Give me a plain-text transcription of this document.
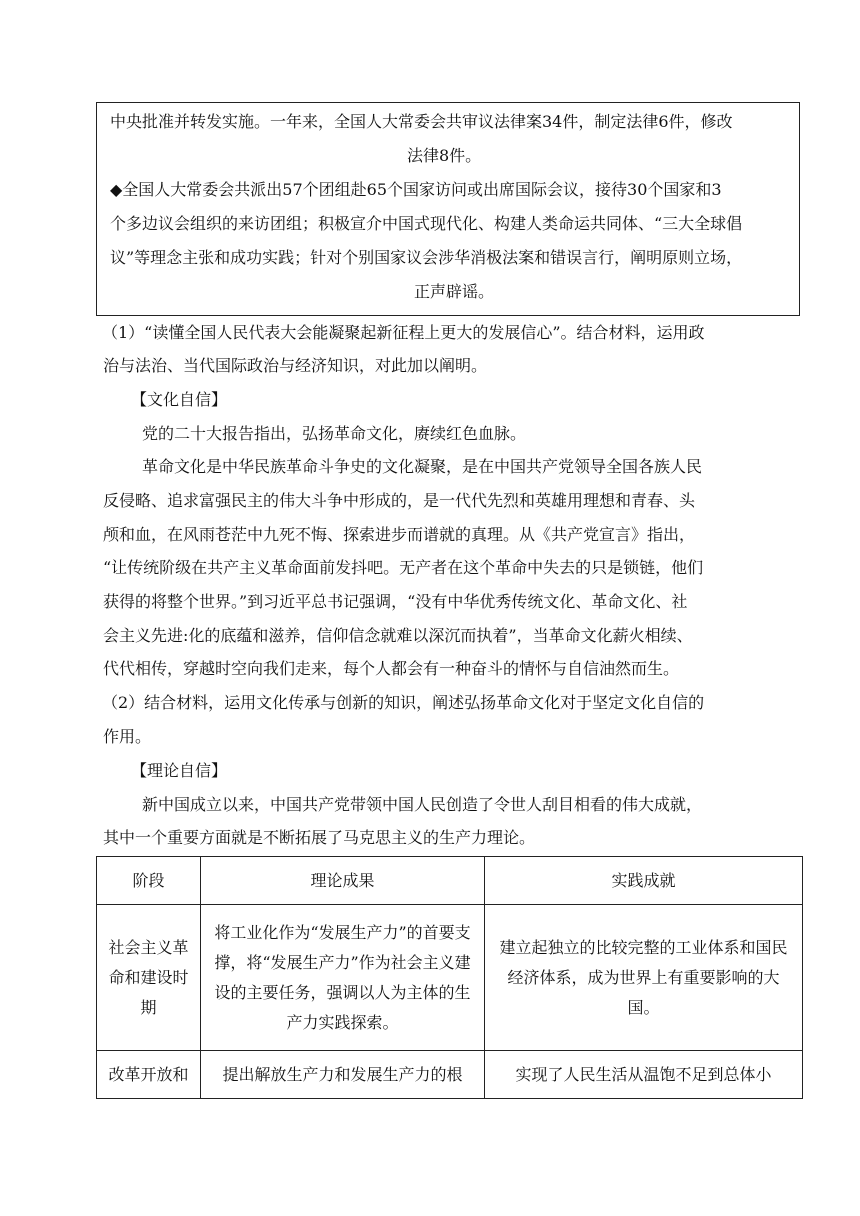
中央批准并转发实施。一年来，全国人大常委会共审议法律案34件，制定法律6件，修改
法律8件。
◆全国人大常委会共派出57个团组赴65个国家访问或出席国际会议，接待30个国家和3
个多边议会组织的来访团组；积极宣介中国式现代化、构建人类命运共同体、“三大全球倡
议”等理念主张和成功实践；针对个别国家议会涉华消极法案和错误言行，阐明原则立场，
正声辟谣。
（1）“读懂全国人民代表大会能凝聚起新征程上更大的发展信心”。结合材料，运用政
治与法治、当代国际政治与经济知识，对此加以阐明。
【文化自信】
党的二十大报告指出，弘扬革命文化，赓续红色血脉。
革命文化是中华民族革命斗争史的文化凝聚，是在中国共产党领导全国各族人民
反侵略、追求富强民主的伟大斗争中形成的，是一代代先烈和英雄用理想和青春、头
颅和血，在风雨苍茫中九死不悔、探索进步而谱就的真理。从《共产党宣言》指出，
“让传统阶级在共产主义革命面前发抖吧。无产者在这个革命中失去的只是锁链，他们
获得的将整个世界。”到习近平总书记强调，“没有中华优秀传统文化、革命文化、社
会主义先进:化的底蕴和滋养，信仰信念就难以深沉而执着”，当革命文化薪火相续、
代代相传，穿越时空向我们走来，每个人都会有一种奋斗的情怀与自信油然而生。
（2）结合材料，运用文化传承与创新的知识，阐述弘扬革命文化对于坚定文化自信的
作用。
【理论自信】
新中国成立以来，中国共产党带领中国人民创造了令世人刮目相看的伟大成就，
其中一个重要方面就是不断拓展了马克思主义的生产力理论。
阶段	理论成果	实践成就

社会主义革命和建设时期	将工业化作为“发展生产力”的首要支撑，将“发展生产力”作为社会主义建设的主要任务，强调以人为主体的生产力实践探索。	建立起独立的比较完整的工业体系和国民经济体系，成为世界上有重要影响的大国。

改革开放和	提出解放生产力和发展生产力的根	实现了人民生活从温饱不足到总体小
